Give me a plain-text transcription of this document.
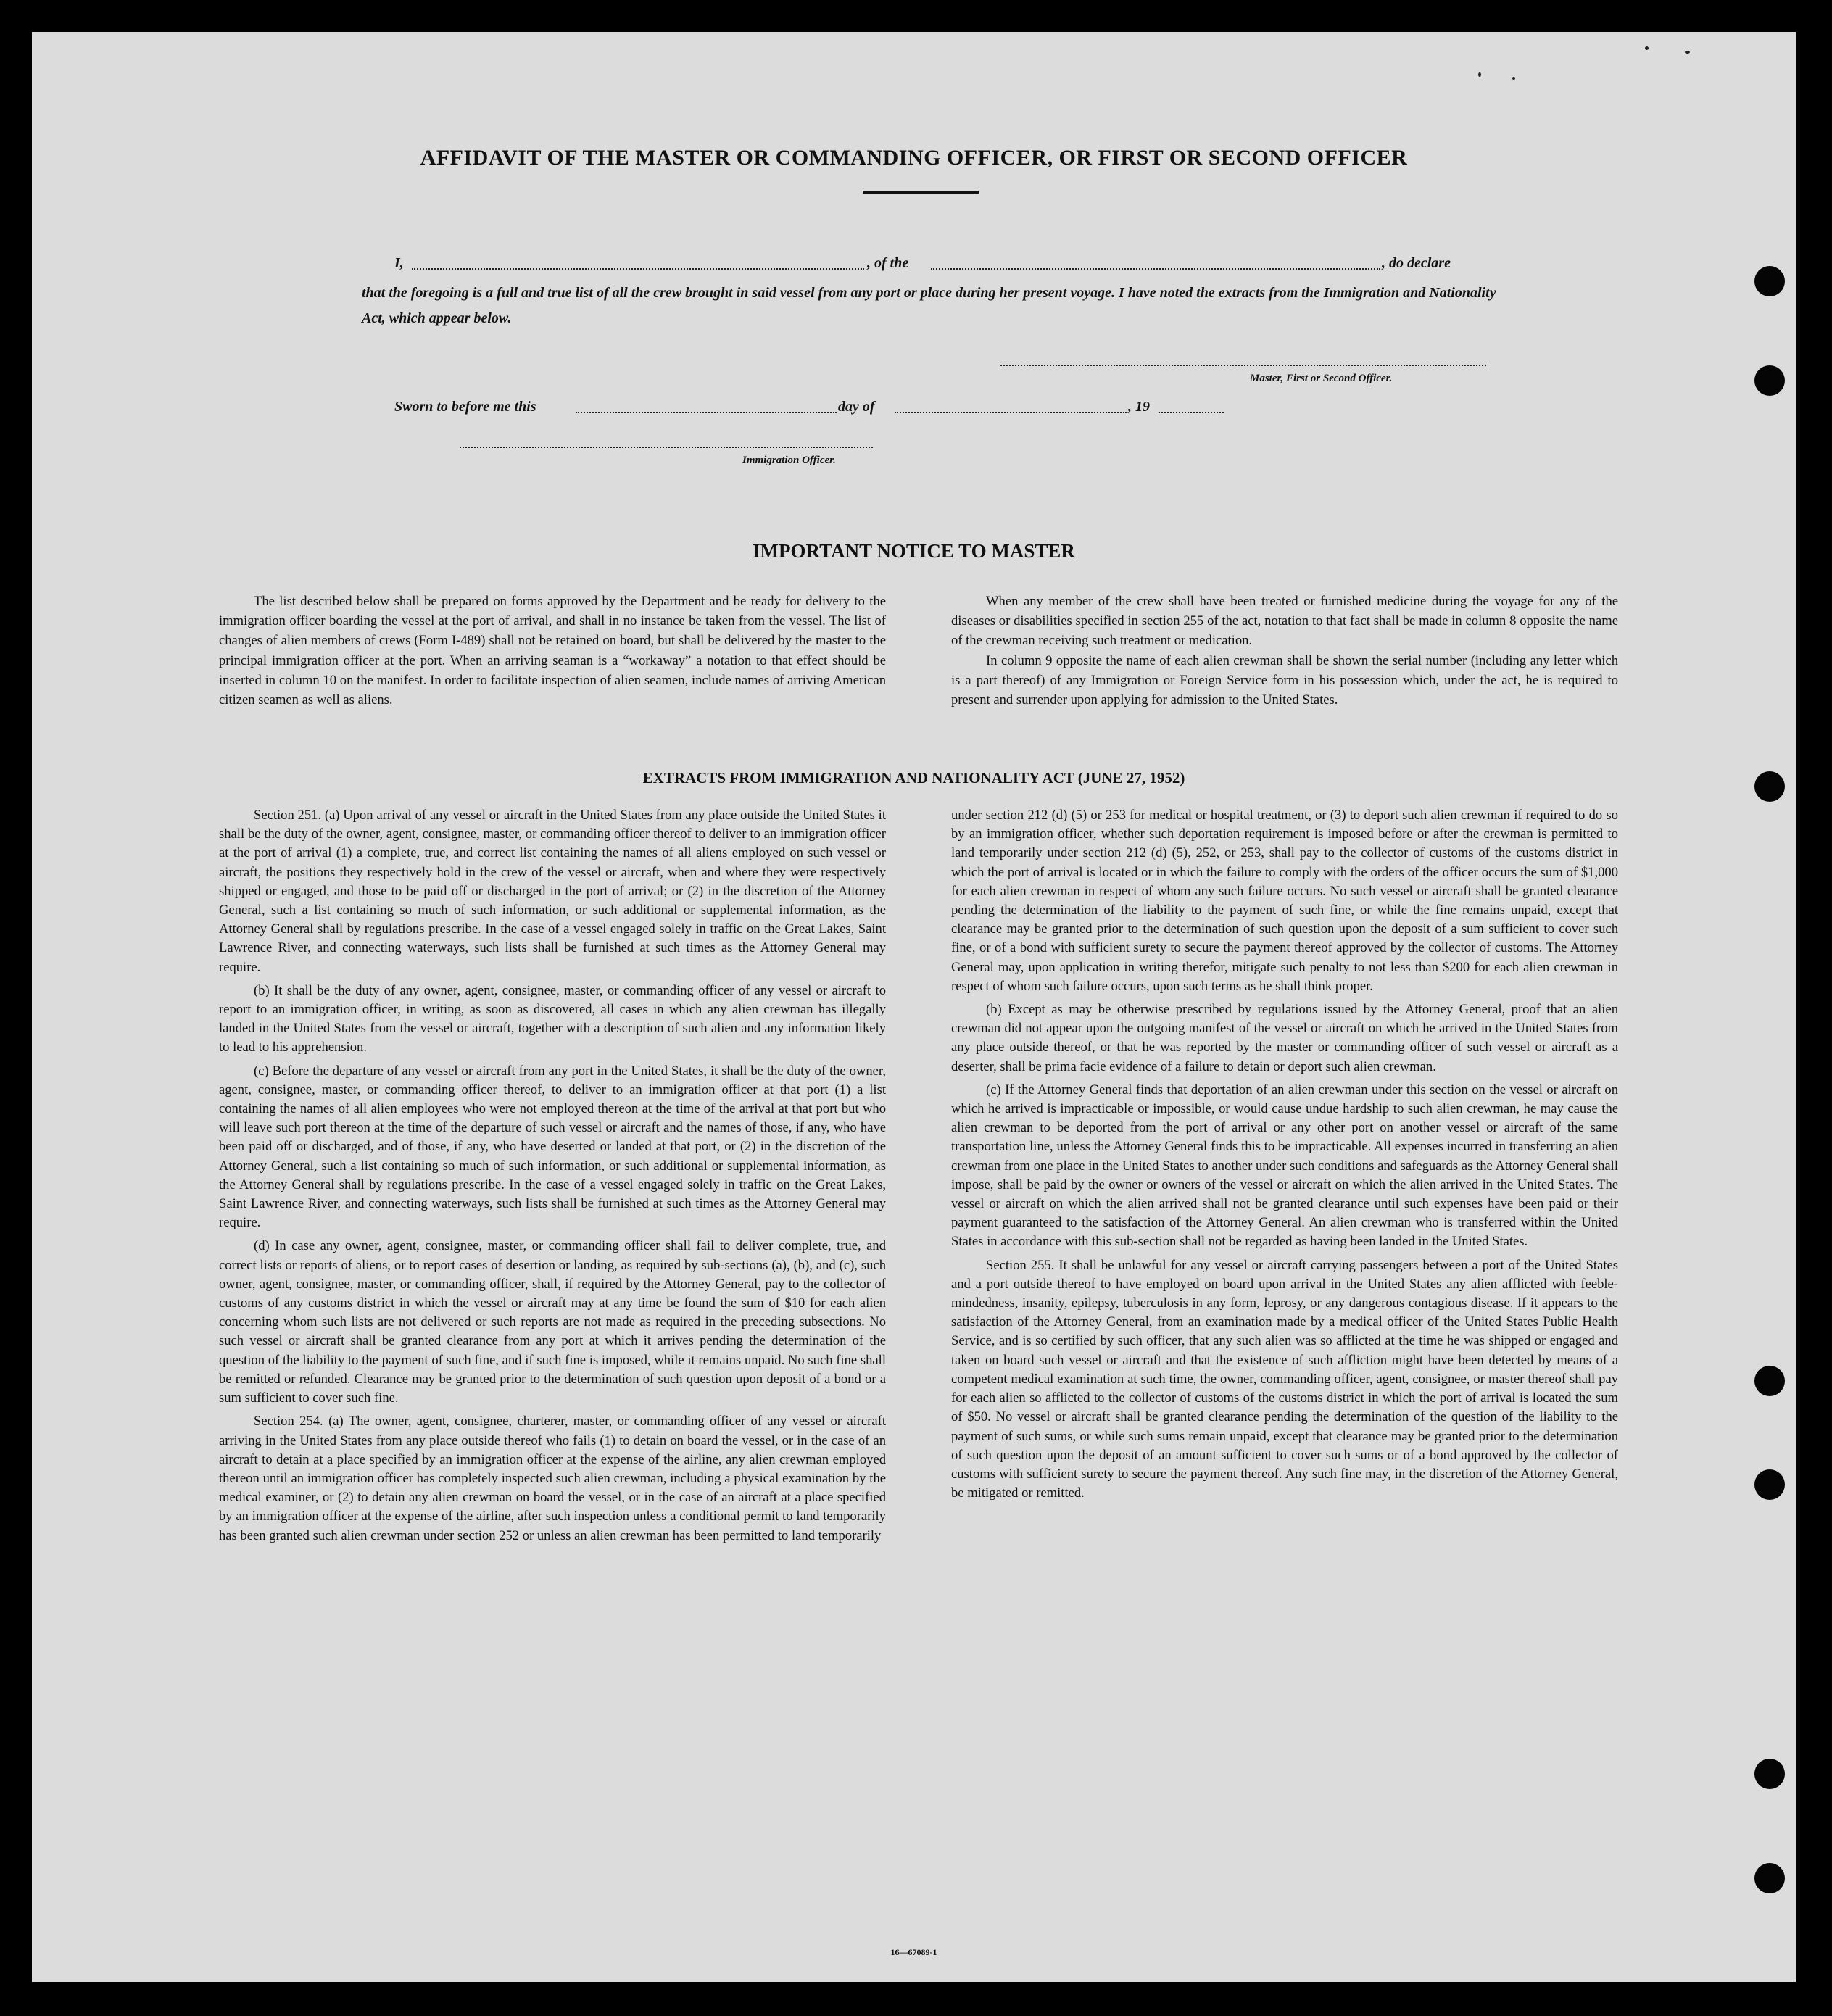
AFFIDAVIT OF THE MASTER OR COMMANDING OFFICER, OR FIRST OR SECOND OFFICER
I,	, of the	, do declare
that the foregoing is a full and true list of all the crew brought in said vessel from any port or place during her present voyage. I have noted the extracts from the Immigration and Nationality Act, which appear below.
Master, First or Second Officer.
Sworn to before me this	day of	, 19
Immigration Officer.
IMPORTANT NOTICE TO MASTER

The list described below shall be prepared on forms approved by the Department and be ready for delivery to the immigration officer boarding the vessel at the port of arrival, and shall in no instance be taken from the vessel. The list of changes of alien members of crews (Form I-489) shall not be retained on board, but shall be delivered by the master to the principal immigration officer at the port. When an arriving seaman is a “workaway” a notation to that effect should be inserted in column 10 on the manifest. In order to facilitate inspection of alien seamen, include names of arriving American citizen seamen as well as aliens.

When any member of the crew shall have been treated or furnished medicine during the voyage for any of the diseases or disabilities specified in section 255 of the act, notation to that fact shall be made in column 8 opposite the name of the crewman receiving such treatment or medication.

In column 9 opposite the name of each alien crewman shall be shown the serial number (including any letter which is a part thereof) of any Immigration or Foreign Service form in his possession which, under the act, he is required to present and surrender upon applying for admission to the United States.

EXTRACTS FROM IMMIGRATION AND NATIONALITY ACT (JUNE 27, 1952)

Section 251. (a) Upon arrival of any vessel or aircraft in the United States from any place outside the United States it shall be the duty of the owner, agent, consignee, master, or commanding officer thereof to deliver to an immigration officer at the port of arrival (1) a complete, true, and correct list containing the names of all aliens employed on such vessel or aircraft, the positions they respectively hold in the crew of the vessel or aircraft, when and where they were respectively shipped or engaged, and those to be paid off or discharged in the port of arrival; or (2) in the discretion of the Attorney General, such a list containing so much of such information, or such additional or supplemental information, as the Attorney General shall by regulations prescribe. In the case of a vessel engaged solely in traffic on the Great Lakes, Saint Lawrence River, and connecting waterways, such lists shall be furnished at such times as the Attorney General may require.

(b) It shall be the duty of any owner, agent, consignee, master, or commanding officer of any vessel or aircraft to report to an immigration officer, in writing, as soon as discovered, all cases in which any alien crewman has illegally landed in the United States from the vessel or aircraft, together with a description of such alien and any information likely to lead to his apprehension.

(c) Before the departure of any vessel or aircraft from any port in the United States, it shall be the duty of the owner, agent, consignee, master, or commanding officer thereof, to deliver to an immigration officer at that port (1) a list containing the names of all alien employees who were not employed thereon at the time of the arrival at that port but who will leave such port thereon at the time of the departure of such vessel or aircraft and the names of those, if any, who have been paid off or discharged, and of those, if any, who have deserted or landed at that port, or (2) in the discretion of the Attorney General, such a list containing so much of such information, or such additional or supplemental information, as the Attorney General shall by regulations prescribe. In the case of a vessel engaged solely in traffic on the Great Lakes, Saint Lawrence River, and connecting waterways, such lists shall be furnished at such times as the Attorney General may require.

(d) In case any owner, agent, consignee, master, or commanding officer shall fail to deliver complete, true, and correct lists or reports of aliens, or to report cases of desertion or landing, as required by sub-sections (a), (b), and (c), such owner, agent, consignee, master, or commanding officer, shall, if required by the Attorney General, pay to the collector of customs of any customs district in which the vessel or aircraft may at any time be found the sum of $10 for each alien concerning whom such lists are not delivered or such reports are not made as required in the preceding subsections. No such vessel or aircraft shall be granted clearance from any port at which it arrives pending the determination of the question of the liability to the payment of such fine, and if such fine is imposed, while it remains unpaid. No such fine shall be remitted or refunded. Clearance may be granted prior to the determination of such question upon deposit of a bond or a sum sufficient to cover such fine.

Section 254. (a) The owner, agent, consignee, charterer, master, or commanding officer of any vessel or aircraft arriving in the United States from any place outside thereof who fails (1) to detain on board the vessel, or in the case of an aircraft to detain at a place specified by an immigration officer at the expense of the airline, any alien crewman employed thereon until an immigration officer has completely inspected such alien crewman, including a physical examination by the medical examiner, or (2) to detain any alien crewman on board the vessel, or in the case of an aircraft at a place specified by an immigration officer at the expense of the airline, after such inspection unless a conditional permit to land temporarily has been granted such alien crewman under section 252 or unless an alien crewman has been permitted to land temporarily

under section 212 (d) (5) or 253 for medical or hospital treatment, or (3) to deport such alien crewman if required to do so by an immigration officer, whether such deportation requirement is imposed before or after the crewman is permitted to land temporarily under section 212 (d) (5), 252, or 253, shall pay to the collector of customs of the customs district in which the port of arrival is located or in which the failure to comply with the orders of the officer occurs the sum of $1,000 for each alien crewman in respect of whom any such failure occurs. No such vessel or aircraft shall be granted clearance pending the determination of the liability to the payment of such fine, or while the fine remains unpaid, except that clearance may be granted prior to the determination of such question upon the deposit of a sum sufficient to cover such fine, or of a bond with sufficient surety to secure the payment thereof approved by the collector of customs. The Attorney General may, upon application in writing therefor, mitigate such penalty to not less than $200 for each alien crewman in respect of whom such failure occurs, upon such terms as he shall think proper.

(b) Except as may be otherwise prescribed by regulations issued by the Attorney General, proof that an alien crewman did not appear upon the outgoing manifest of the vessel or aircraft on which he arrived in the United States from any place outside thereof, or that he was reported by the master or commanding officer of such vessel or aircraft as a deserter, shall be prima facie evidence of a failure to detain or deport such alien crewman.

(c) If the Attorney General finds that deportation of an alien crewman under this section on the vessel or aircraft on which he arrived is impracticable or impossible, or would cause undue hardship to such alien crewman, he may cause the alien crewman to be deported from the port of arrival or any other port on another vessel or aircraft of the same transportation line, unless the Attorney General finds this to be impracticable. All expenses incurred in transferring an alien crewman from one place in the United States to another under such conditions and safeguards as the Attorney General shall impose, shall be paid by the owner or owners of the vessel or aircraft on which the alien arrived in the United States. The vessel or aircraft on which the alien arrived shall not be granted clearance until such expenses have been paid or their payment guaranteed to the satisfaction of the Attorney General. An alien crewman who is transferred within the United States in accordance with this sub-section shall not be regarded as having been landed in the United States.

Section 255. It shall be unlawful for any vessel or aircraft carrying passengers between a port of the United States and a port outside thereof to have employed on board upon arrival in the United States any alien afflicted with feeble-mindedness, insanity, epilepsy, tuberculosis in any form, leprosy, or any dangerous contagious disease. If it appears to the satisfaction of the Attorney General, from an examination made by a medical officer of the United States Public Health Service, and is so certified by such officer, that any such alien was so afflicted at the time he was shipped or engaged and taken on board such vessel or aircraft and that the existence of such affliction might have been detected by means of a competent medical examination at such time, the owner, commanding officer, agent, consignee, or master thereof shall pay for each alien so afflicted to the collector of customs of the customs district in which the port of arrival is located the sum of $50. No vessel or aircraft shall be granted clearance pending the determination of the question of the liability to the payment of such sums, or while such sums remain unpaid, except that clearance may be granted prior to the determination of such question upon the deposit of an amount sufficient to cover such sums or of a bond approved by the collector of customs with sufficient surety to secure the payment thereof. Any such fine may, in the discretion of the Attorney General, be mitigated or remitted.

16—67089-1
